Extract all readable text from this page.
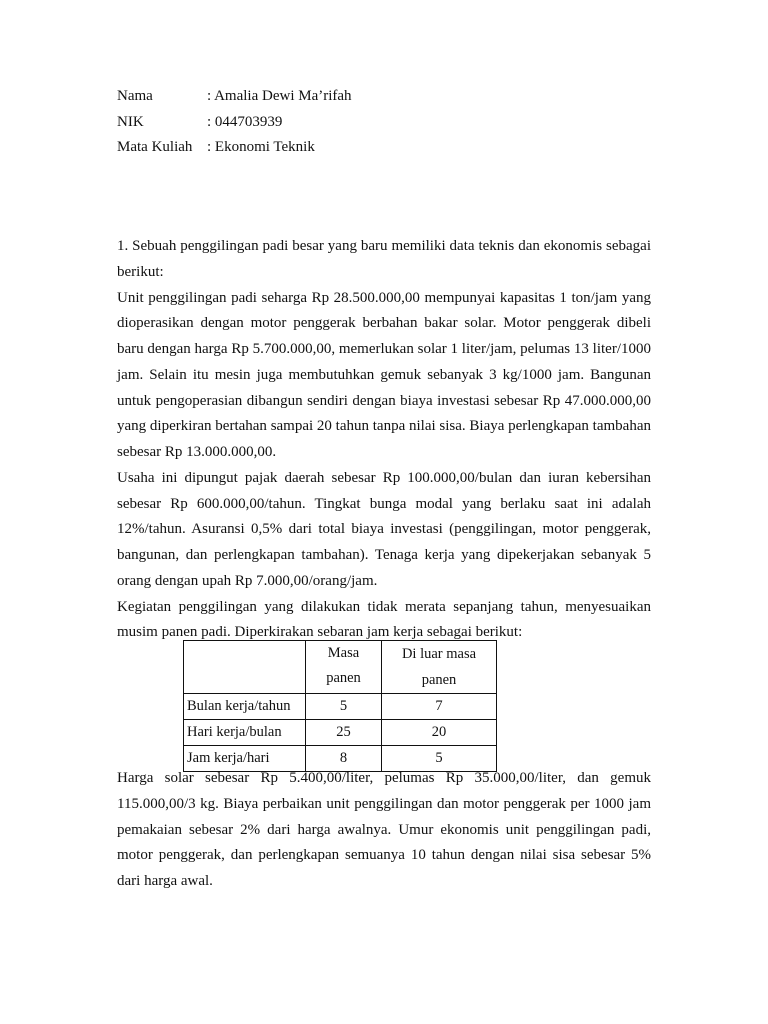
Nama	: Amalia Dewi Ma’rifah
NIK	: 044703939
Mata Kuliah : Ekonomi Teknik

1. Sebuah penggilingan padi besar yang baru memiliki data teknis dan ekonomis sebagai berikut:

Unit penggilingan padi seharga Rp 28.500.000,00 mempunyai kapasitas 1 ton/jam yang dioperasikan dengan motor penggerak berbahan bakar solar. Motor penggerak dibeli baru dengan harga Rp 5.700.000,00, memerlukan solar 1 liter/jam, pelumas 13 liter/1000 jam. Selain itu mesin juga membutuhkan gemuk sebanyak 3 kg/1000 jam. Bangunan untuk pengoperasian dibangun sendiri dengan biaya investasi sebesar Rp 47.000.000,00 yang diperkiran bertahan sampai 20 tahun tanpa nilai sisa. Biaya perlengkapan tambahan sebesar Rp 13.000.000,00.

Usaha ini dipungut pajak daerah sebesar Rp 100.000,00/bulan dan iuran kebersihan sebesar Rp 600.000,00/tahun. Tingkat bunga modal yang berlaku saat ini adalah 12%/tahun. Asuransi 0,5% dari total biaya investasi (penggilingan, motor penggerak, bangunan, dan perlengkapan tambahan). Tenaga kerja yang dipekerjakan sebanyak 5 orang dengan upah Rp 7.000,00/orang/jam.

Kegiatan penggilingan yang dilakukan tidak merata sepanjang tahun, menyesuaikan musim panen padi. Diperkirakan sebaran jam kerja sebagai berikut:

	Masa panen	Di luar masa
panen
Bulan kerja/tahun	5	7
Hari kerja/bulan	25	20
Jam kerja/hari	8	5

Harga solar sebesar Rp 5.400,00/liter, pelumas Rp 35.000,00/liter, dan gemuk 115.000,00/3 kg. Biaya perbaikan unit penggilingan dan motor penggerak per 1000 jam pemakaian sebesar 2% dari harga awalnya. Umur ekonomis unit penggilingan padi, motor penggerak, dan perlengkapan semuanya 10 tahun dengan nilai sisa sebesar 5% dari harga awal.
